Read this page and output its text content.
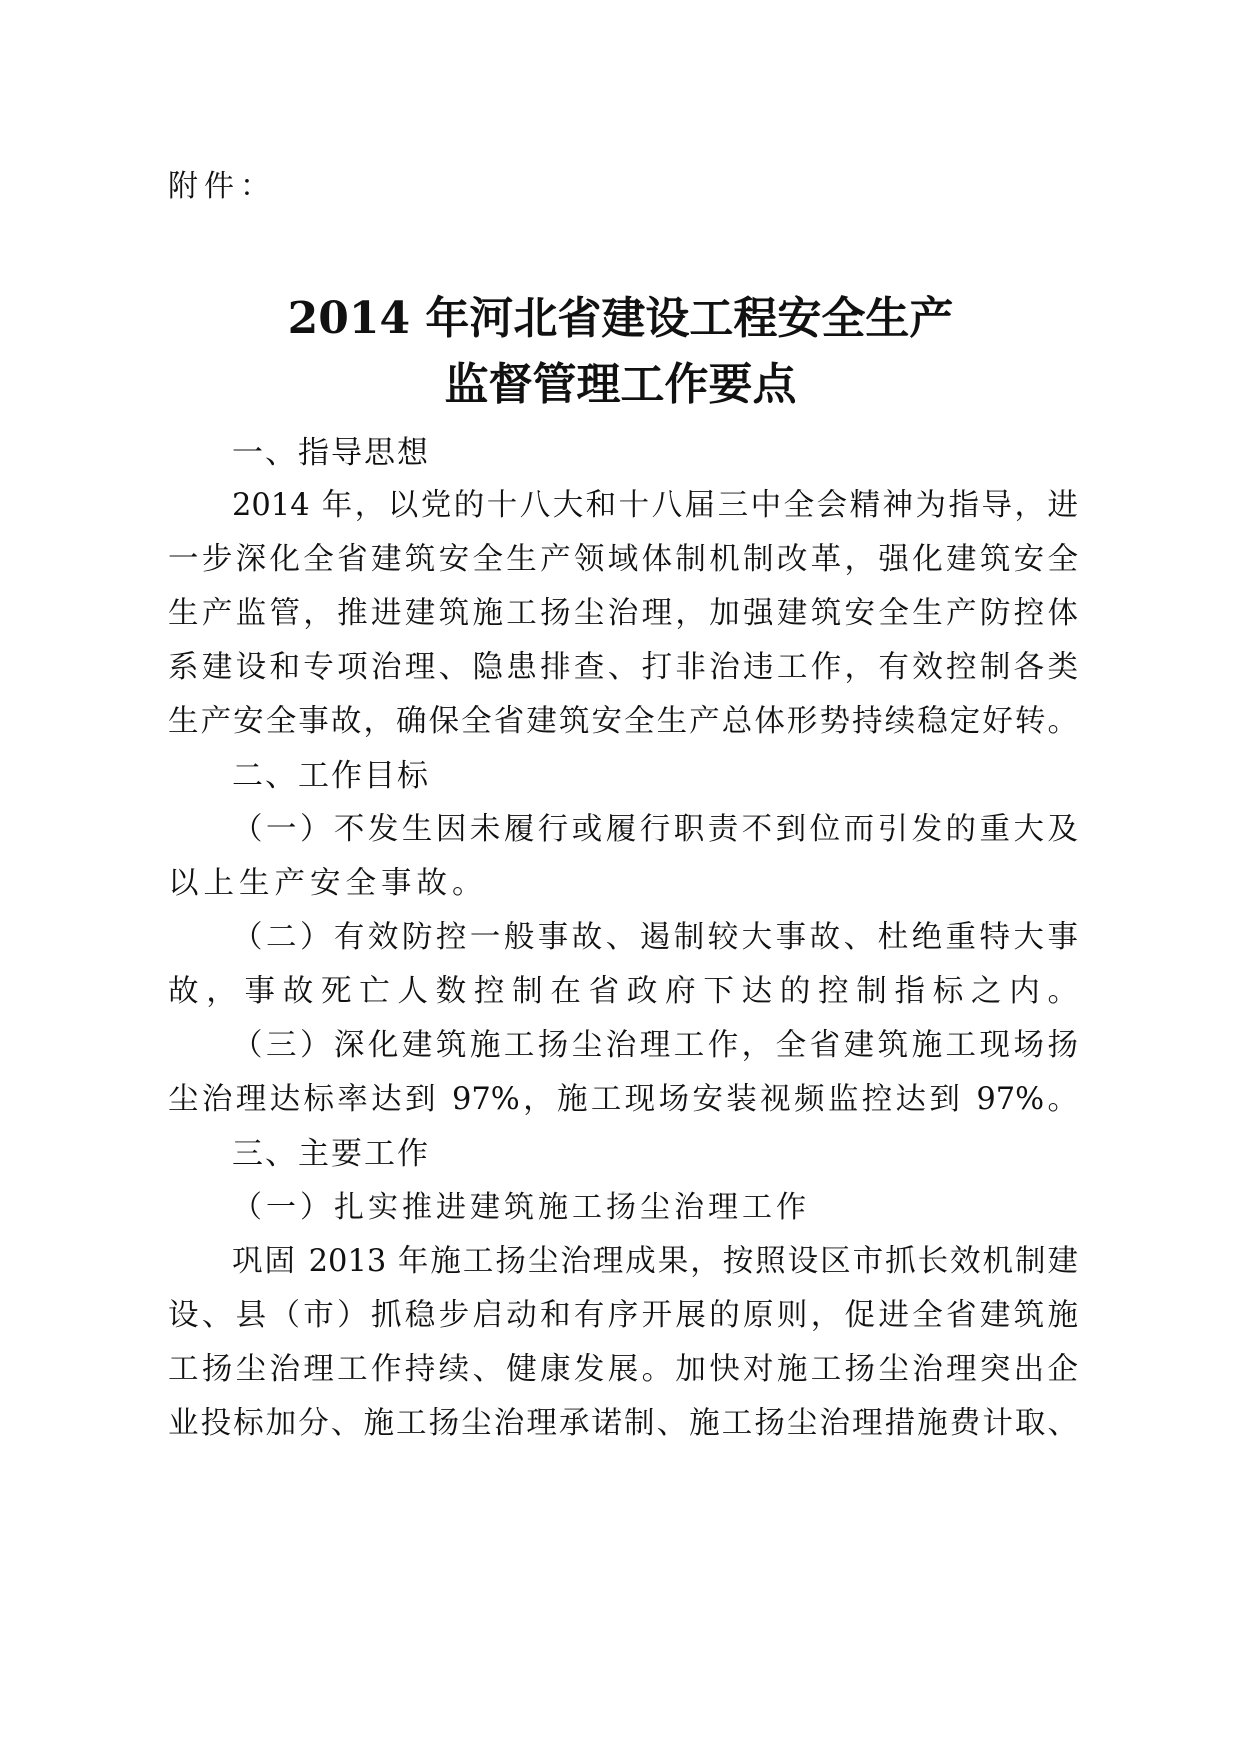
附件：
2014 年河北省建设工程安全生产
监督管理工作要点
一、指导思想
2014 年，以党的十八大和十八届三中全会精神为指导，进
一步深化全省建筑安全生产领域体制机制改革，强化建筑安全
生产监管，推进建筑施工扬尘治理，加强建筑安全生产防控体
系建设和专项治理、隐患排查、打非治违工作，有效控制各类
生产安全事故，确保全省建筑安全生产总体形势持续稳定好转。
二、工作目标
（一）不发生因未履行或履行职责不到位而引发的重大及
以上生产安全事故。
（二）有效防控一般事故、遏制较大事故、杜绝重特大事
故，事故死亡人数控制在省政府下达的控制指标之内。
（三）深化建筑施工扬尘治理工作，全省建筑施工现场扬
尘治理达标率达到 97%，施工现场安装视频监控达到 97%。
三、主要工作
（一）扎实推进建筑施工扬尘治理工作
巩固 2013 年施工扬尘治理成果，按照设区市抓长效机制建
设、县（市）抓稳步启动和有序开展的原则，促进全省建筑施
工扬尘治理工作持续、健康发展。加快对施工扬尘治理突出企
业投标加分、施工扬尘治理承诺制、施工扬尘治理措施费计取、
